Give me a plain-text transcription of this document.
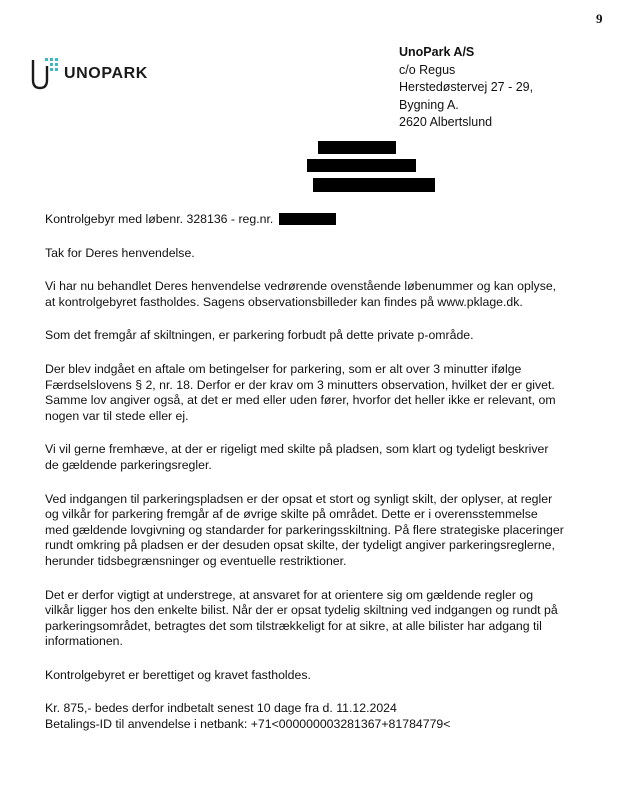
9
UNOPARK
UnoPark A/S
c/o Regus
Herstedøstervej 27 - 29,
Bygning A.
2620 Albertslund

Kontrolgebyr med løbenr. 328136 - reg.nr.

Tak for Deres henvendelse.

Vi har nu behandlet Deres henvendelse vedrørende ovenstående løbenummer og kan oplyse, at kontrolgebyret fastholdes. Sagens observationsbilleder kan findes på www.pklage.dk.

Som det fremgår af skiltningen, er parkering forbudt på dette private p-område.

Der blev indgået en aftale om betingelser for parkering, som er alt over 3 minutter ifølge Færdselslovens § 2, nr. 18. Derfor er der krav om 3 minutters observation, hvilket der er givet. Samme lov angiver også, at det er med eller uden fører, hvorfor det heller ikke er relevant, om nogen var til stede eller ej.

Vi vil gerne fremhæve, at der er rigeligt med skilte på pladsen, som klart og tydeligt beskriver de gældende parkeringsregler.

Ved indgangen til parkeringspladsen er der opsat et stort og synligt skilt, der oplyser, at regler og vilkår for parkering fremgår af de øvrige skilte på området. Dette er i overensstemmelse med gældende lovgivning og standarder for parkeringsskiltning. På flere strategiske placeringer rundt omkring på pladsen er der desuden opsat skilte, der tydeligt angiver parkeringsreglerne, herunder tidsbegrænsninger og eventuelle restriktioner.

Det er derfor vigtigt at understrege, at ansvaret for at orientere sig om gældende regler og vilkår ligger hos den enkelte bilist. Når der er opsat tydelig skiltning ved indgangen og rundt på parkeringsområdet, betragtes det som tilstrækkeligt for at sikre, at alle bilister har adgang til informationen.

Kontrolgebyret er berettiget og kravet fastholdes.

Kr. 875,- bedes derfor indbetalt senest 10 dage fra d. 11.12.2024

Betalings-ID til anvendelse i netbank: +71<000000003281367+81784779<
